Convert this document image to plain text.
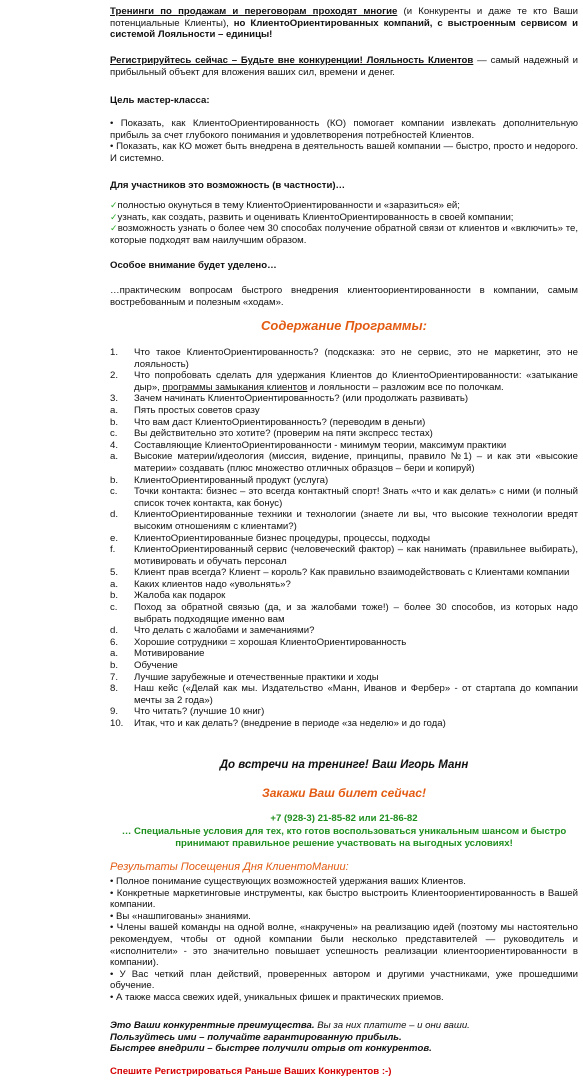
Тренинги по продажам и переговорам проходят многие (и Конкуренты и даже те кто Ваши потенциальные Клиенты), но КлиентоОриентированных компаний, с выстроенным сервисом и системой Лояльности – единицы!
Регистрируйтесь сейчас – Будьте вне конкуренции! Лояльность Клиентов — самый надежный и прибыльный объект для вложения ваших сил, времени и денег.
Цель мастер-класса:
• Показать, как КлиентоОриентированность (КО) помогает компании извлекать дополнительную прибыль за счет глубокого понимания и удовлетворения потребностей Клиентов.
• Показать, как КО может быть внедрена в деятельность вашей компании — быстро, просто и недорого. И системно.
Для участников это возможность (в частности)…
✓полностью окунуться в тему КлиентоОриентированности и «заразиться» ей;
✓узнать, как создать, развить и оценивать КлиентоОриентированность в своей компании;
✓возможность узнать о более чем 30 способах получение обратной связи от клиентов и «включить» те, которые подходят вам наилучшим образом.
Особое внимание будет уделено…
…практическим вопросам быстрого внедрения клиентоориентированности в компании, самым востребованным и полезным «ходам».
Содержание Программы:
1.	Что такое КлиентоОриентированность? (подсказка: это не сервис, это не маркетинг, это не лояльность)
2.	Что попробовать сделать для удержания Клиентов до КлиентоОриентированности: «затыкание дыр», программы замыкания клиентов и лояльности – разложим все по полочкам.
3.	Зачем начинать КлиентоОриентированность? (или продолжать развивать)
a.	Пять простых советов сразу
b.	Что вам даст КлиентоОриентированность? (переводим в деньги)
c.	Вы действительно это хотите? (проверим на пяти экспресс тестах)
4.	Составляющие КлиентоОриентированности - минимум теории, максимум практики
a.	Высокие материи/идеология (миссия, видение, принципы, правило №1) – и как эти «высокие материи» создавать (плюс множество отличных образцов – бери и копируй)
b.	КлиентоОриентированный продукт (услуга)
c.	Точки контакта: бизнес – это всегда контактный спорт! Знать «что и как делать» с ними (и полный список точек контакта, как бонус)
d.	КлиентоОриентированные техники и технологии (знаете ли вы, что высокие технологии вредят высоким отношениям с клиентами?)
e.	КлиентоОриентированные бизнес процедуры, процессы, подходы
f.	КлиентоОриентированный сервис (человеческий фактор) – как нанимать (правильнее выбирать), мотивировать и обучать персонал
5.	Клиент прав всегда? Клиент – король? Как правильно взаимодействовать с Клиентами компании
a.	Каких клиентов надо «увольнять»?
b.	Жалоба как подарок
c.	Поход за обратной связью (да, и за жалобами тоже!) – более 30 способов, из которых надо выбрать подходящие именно вам
d.	Что делать с жалобами и замечаниями?
6.	Хорошие сотрудники = хорошая КлиентоОриентированность
a.	Мотивирование
b.	Обучение
7.	Лучшие зарубежные и отечественные практики и ходы
8.	Наш кейс («Делай как мы. Издательство «Манн, Иванов и Фербер» - от стартапа до компании мечты за 2 года»)
9.	Что читать? (лучшие 10 книг)
10.	Итак, что и как делать? (внедрение в периоде «за неделю» и до года)
До встречи на тренинге! Ваш Игорь Манн
Закажи Ваш билет сейчас!
+7 (928-3) 21-85-82 или 21-86-82
… Специальные условия для тех, кто готов воспользоваться уникальным шансом и быстро принимают правильное решение участвовать на выгодных условиях!
Результаты Посещения Дня КлиентоМании:
• Полное понимание существующих возможностей удержания ваших Клиентов.
• Конкретные маркетинговые инструменты, как быстро выстроить Клиентоориентированность в Вашей компании.
• Вы «нашпигованы» знаниями.
• Члены вашей команды на одной волне, «накручены» на реализацию идей (поэтому мы настоятельно рекомендуем, чтобы от одной компании были несколько представителей — руководитель и «исполнители» - это значительно повышает успешность реализации клиентоориентированности в компании).
• У Вас четкий план действий, проверенных автором и другими участниками, уже прошедшими обучение.
• А также масса свежих идей, уникальных фишек и практических приемов.
Это Ваши конкурентные преимущества. Вы за них платите – и они ваши.
Пользуйтесь ими – получайте гарантированную прибыль.
Быстрее внедрили – быстрее получили отрыв от конкурентов.
Спешите Регистрироваться Раньше Ваших Конкурентов :-)
